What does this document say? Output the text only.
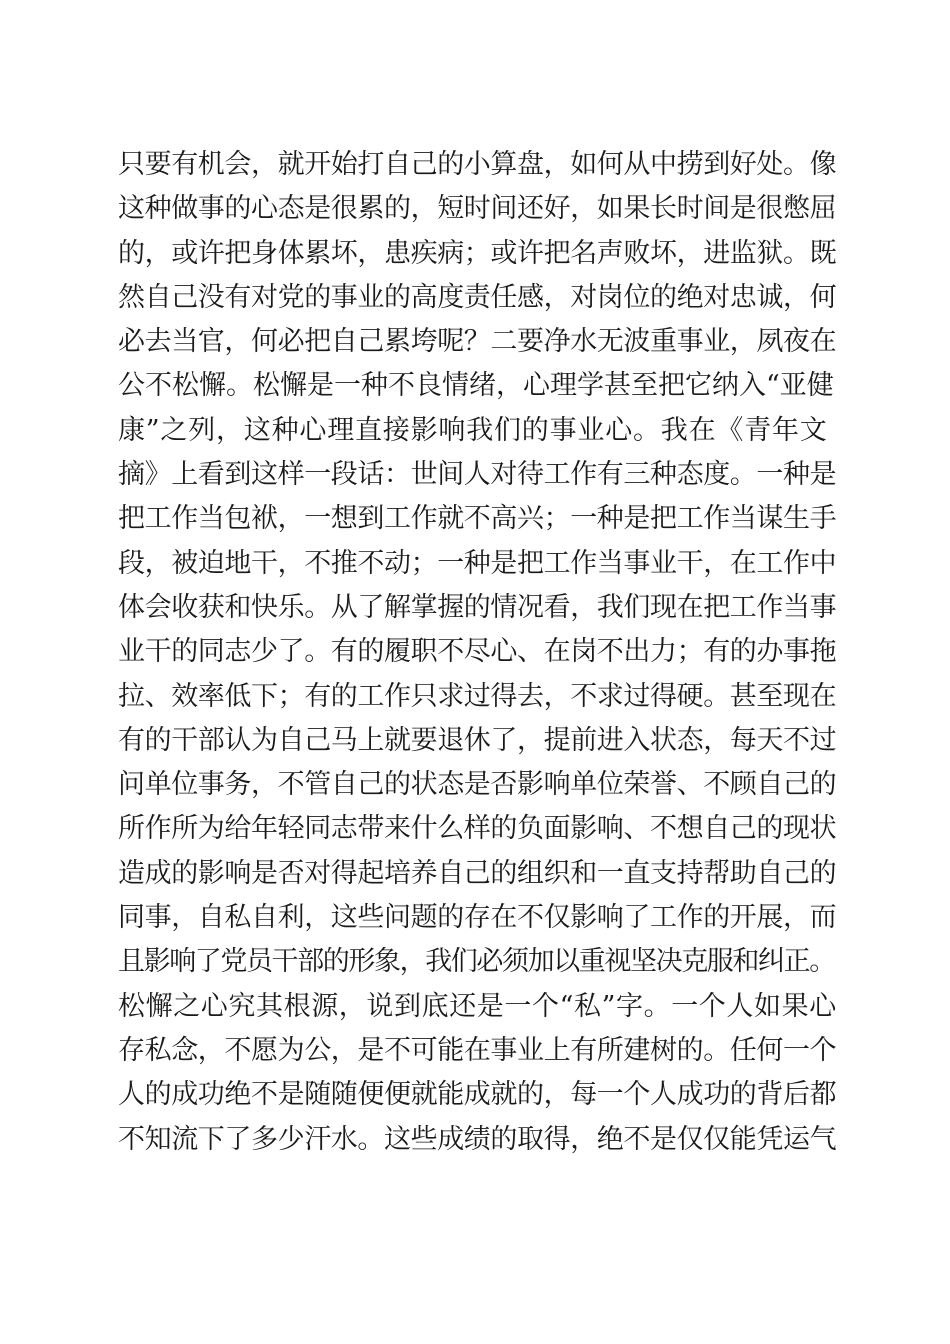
只要有机会，就开始打自己的小算盘，如何从中捞到好处。像
这种做事的心态是很累的，短时间还好，如果长时间是很憋屈
的，或许把身体累坏，患疾病；或许把名声败坏，进监狱。既
然自己没有对党的事业的高度责任感，对岗位的绝对忠诚，何
必去当官，何必把自己累垮呢？二要净水无波重事业，夙夜在
公不松懈。松懈是一种不良情绪，心理学甚至把它纳入“亚健
康”之列，这种心理直接影响我们的事业心。我在《青年文
摘》上看到这样一段话：世间人对待工作有三种态度。一种是
把工作当包袱，一想到工作就不高兴；一种是把工作当谋生手
段，被迫地干，不推不动；一种是把工作当事业干，在工作中
体会收获和快乐。从了解掌握的情况看，我们现在把工作当事
业干的同志少了。有的履职不尽心、在岗不出力；有的办事拖
拉、效率低下；有的工作只求过得去，不求过得硬。甚至现在
有的干部认为自己马上就要退休了，提前进入状态，每天不过
问单位事务，不管自己的状态是否影响单位荣誉、不顾自己的
所作所为给年轻同志带来什么样的负面影响、不想自己的现状
造成的影响是否对得起培养自己的组织和一直支持帮助自己的
同事，自私自利，这些问题的存在不仅影响了工作的开展，而
且影响了党员干部的形象，我们必须加以重视坚决克服和纠正。
松懈之心究其根源，说到底还是一个“私”字。一个人如果心
存私念，不愿为公，是不可能在事业上有所建树的。任何一个
人的成功绝不是随随便便就能成就的，每一个人成功的背后都
不知流下了多少汗水。这些成绩的取得，绝不是仅仅能凭运气
